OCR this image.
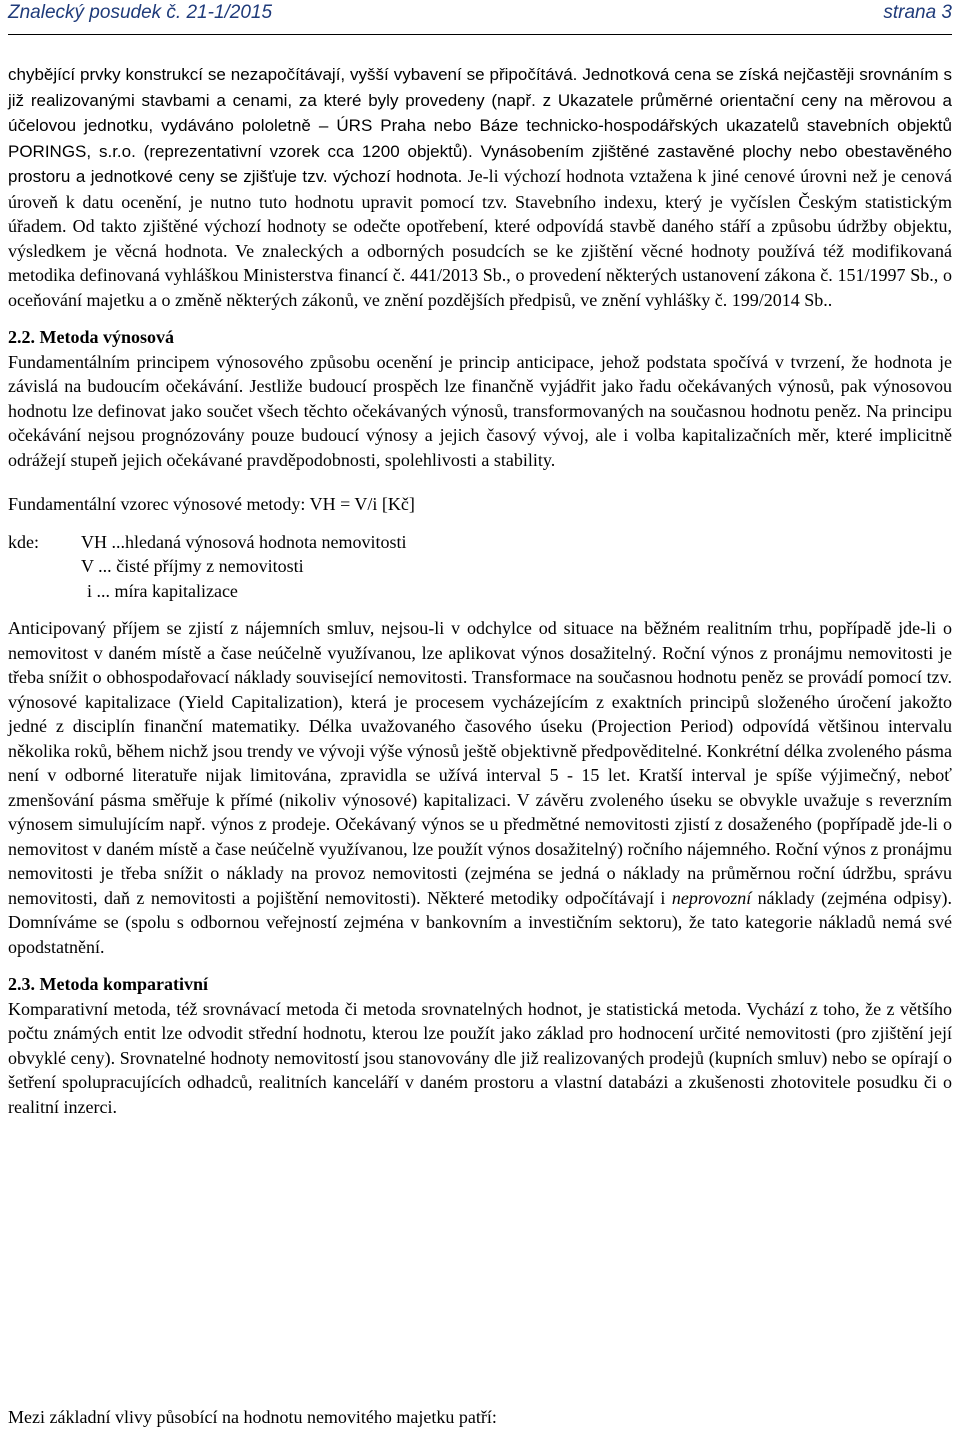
Znalecký posudek č. 21-1/2015	strana 3

chybějící prvky konstrukcí se nezapočítávají, vyšší vybavení se připočítává. Jednotková cena se získá nejčastěji srovnáním s již realizovanými stavbami a cenami, za které byly provedeny (např. z Ukazatele průměrné orientační ceny na měrovou a účelovou jednotku, vydáváno pololetně – ÚRS Praha nebo Báze technicko-hospodářských ukazatelů stavebních objektů PORINGS, s.r.o. (reprezentativní vzorek cca 1200 objektů). Vynásobením zjištěné zastavěné plochy nebo obestavěného prostoru a jednotkové ceny se zjišťuje tzv. výchozí hodnota. Je-li výchozí hodnota vztažena k jiné cenové úrovni než je cenová úroveň k datu ocenění, je nutno tuto hodnotu upravit pomocí tzv. Stavebního indexu, který je vyčíslen Českým statistickým úřadem. Od takto zjištěné výchozí hodnoty se odečte opotřebení, které odpovídá stavbě daného stáří a způsobu údržby objektu, výsledkem je věcná hodnota. Ve znaleckých a odborných posudcích se ke zjištění věcné hodnoty používá též modifikovaná metodika definovaná vyhláškou Ministerstva financí č. 441/2013 Sb., o provedení některých ustanovení zákona č. 151/1997 Sb., o oceňování majetku a o změně některých zákonů, ve znění pozdějších předpisů, ve znění vyhlášky č. 199/2014 Sb..

2.2. Metoda výnosová

Fundamentálním principem výnosového způsobu ocenění je princip anticipace, jehož podstata spočívá v tvrzení, že hodnota je závislá na budoucím očekávání. Jestliže budoucí prospěch lze finančně vyjádřit jako řadu očekávaných výnosů, pak výnosovou hodnotu lze definovat jako součet všech těchto očekávaných výnosů, transformovaných na současnou hodnotu peněz. Na principu očekávání nejsou prognózovány pouze budoucí výnosy a jejich časový vývoj, ale i volba kapitalizačních měr, které implicitně odrážejí stupeň jejich očekávané pravděpodobnosti, spolehlivosti a stability.

Fundamentální vzorec výnosové metody: VH = V/i [Kč]

kde: VH ...hledaná výnosová hodnota nemovitosti
V ... čisté příjmy z nemovitosti
i ... míra kapitalizace

Anticipovaný příjem se zjistí z nájemních smluv, nejsou-li v odchylce od situace na běžném realitním trhu, popřípadě jde-li o nemovitost v daném místě a čase neúčelně využívanou, lze aplikovat výnos dosažitelný. Roční výnos z pronájmu nemovitosti je třeba snížit o obhospodařovací náklady související nemovitosti. Transformace na současnou hodnotu peněz se provádí pomocí tzv. výnosové kapitalizace (Yield Capitalization), která je procesem vycházejícím z exaktních principů složeného úročení jakožto jedné z disciplín finanční matematiky. Délka uvažovaného časového úseku (Projection Period) odpovídá většinou intervalu několika roků, během nichž jsou trendy ve vývoji výše výnosů ještě objektivně předpověditelné. Konkrétní délka zvoleného pásma není v odborné literatuře nijak limitována, zpravidla se užívá interval 5 - 15 let. Kratší interval je spíše výjimečný, neboť zmenšování pásma směřuje k přímé (nikoliv výnosové) kapitalizaci. V závěru zvoleného úseku se obvykle uvažuje s reverzním výnosem simulujícím např. výnos z prodeje. Očekávaný výnos se u předmětné nemovitosti zjistí z dosaženého (popřípadě jde-li o nemovitost v daném místě a čase neúčelně využívanou, lze použít výnos dosažitelný) ročního nájemného. Roční výnos z pronájmu nemovitosti je třeba snížit o náklady na provoz nemovitosti (zejména se jedná o náklady na průměrnou roční údržbu, správu nemovitosti, daň z nemovitosti a pojištění nemovitosti). Některé metodiky odpočítávají i neprovozní náklady (zejména odpisy). Domníváme se (spolu s odbornou veřejností zejména v bankovním a investičním sektoru), že tato kategorie nákladů nemá své opodstatnění.

2.3. Metoda komparativní

Komparativní metoda, též srovnávací metoda či metoda srovnatelných hodnot, je statistická metoda. Vychází z toho, že z většího počtu známých entit lze odvodit střední hodnotu, kterou lze použít jako základ pro hodnocení určité nemovitosti (pro zjištění její obvyklé ceny). Srovnatelné hodnoty nemovitostí jsou stanovovány dle již realizovaných prodejů (kupních smluv) nebo se opírají o šetření spolupracujících odhadců, realitních kanceláří v daném prostoru a vlastní databázi a zkušenosti zhotovitele posudku či o realitní inzerci.

Mezi základní vlivy působící na hodnotu nemovitého majetku patří:
